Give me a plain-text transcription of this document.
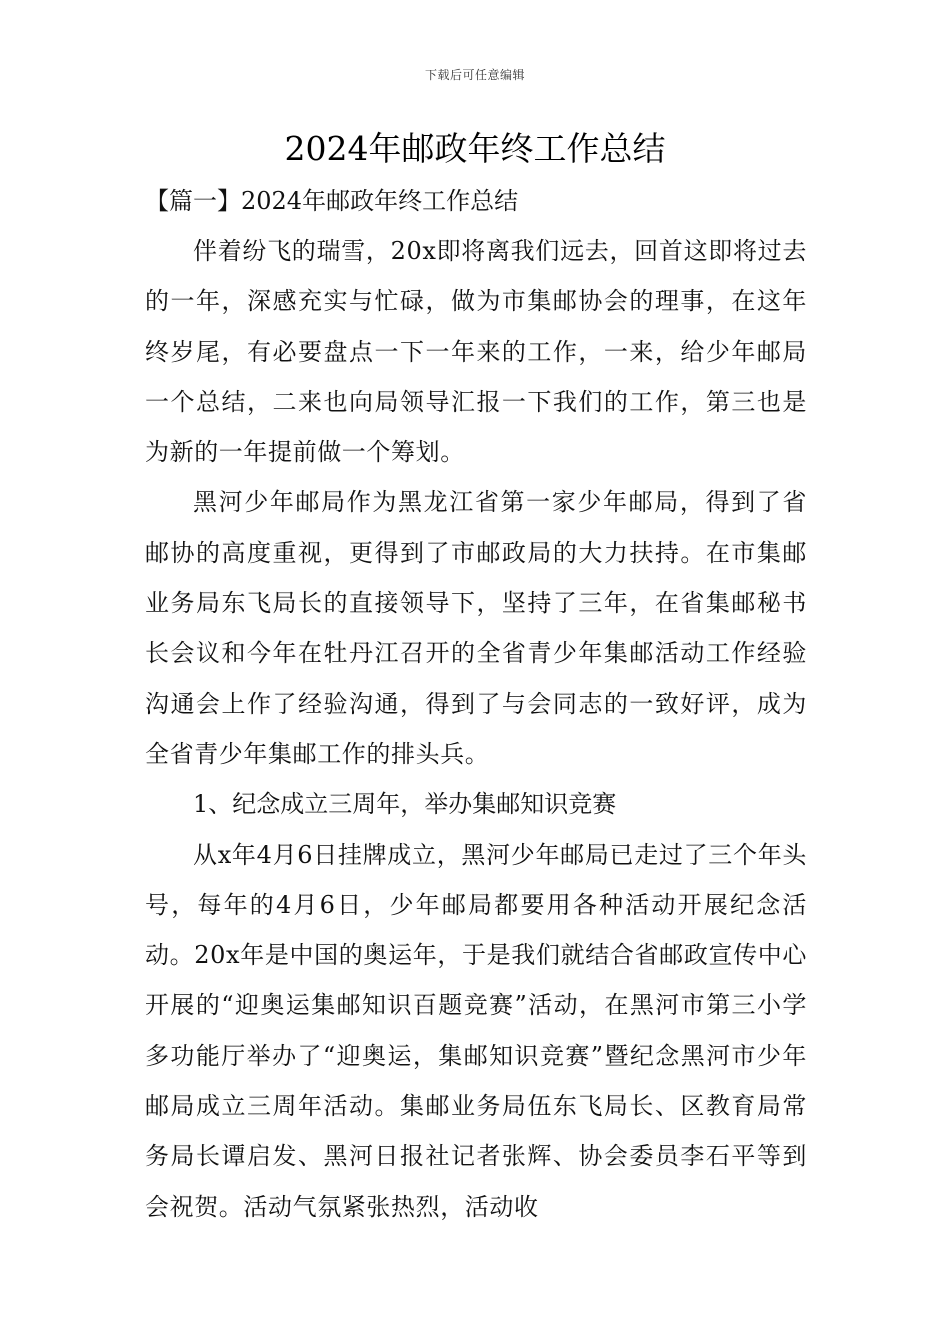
下载后可任意编辑
2024年邮政年终工作总结

【篇一】2024年邮政年终工作总结

伴着纷飞的瑞雪，20x即将离我们远去，回首这即将过去的一年，深感充实与忙碌，做为市集邮协会的理事，在这年终岁尾，有必要盘点一下一年来的工作，一来，给少年邮局一个总结，二来也向局领导汇报一下我们的工作，第三也是为新的一年提前做一个筹划。

黑河少年邮局作为黑龙江省第一家少年邮局，得到了省邮协的高度重视，更得到了市邮政局的大力扶持。在市集邮业务局东飞局长的直接领导下，坚持了三年，在省集邮秘书长会议和今年在牡丹江召开的全省青少年集邮活动工作经验沟通会上作了经验沟通，得到了与会同志的一致好评，成为全省青少年集邮工作的排头兵。

1、纪念成立三周年，举办集邮知识竞赛

从x年4月6日挂牌成立，黑河少年邮局已走过了三个年头号，每年的4月6日，少年邮局都要用各种活动开展纪念活动。20x年是中国的奥运年，于是我们就结合省邮政宣传中心开展的“迎奥运集邮知识百题竞赛”活动，在黑河市第三小学多功能厅举办了“迎奥运，集邮知识竞赛”暨纪念黑河市少年邮局成立三周年活动。集邮业务局伍东飞局长、区教育局常务局长谭启发、黑河日报社记者张辉、协会委员李石平等到会祝贺。活动气氛紧张热烈，活动收
